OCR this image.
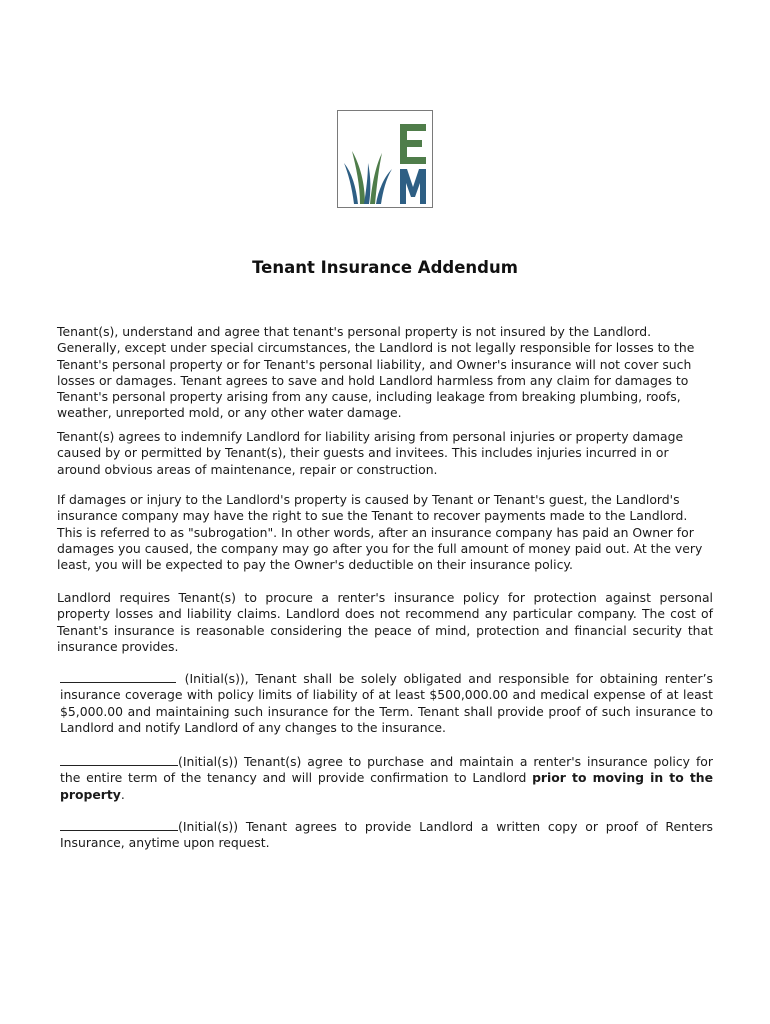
Tenant Insurance Addendum

Tenant(s), understand and agree that tenant's personal property is not insured by the Landlord. Generally, except under special circumstances, the Landlord is not legally responsible for losses to the Tenant's personal property or for Tenant's personal liability, and Owner's insurance will not cover such losses or damages. Tenant agrees to save and hold Landlord harmless from any claim for damages to Tenant's personal property arising from any cause, including leakage from breaking plumbing, roofs, weather, unreported mold, or any other water damage.

Tenant(s) agrees to indemnify Landlord for liability arising from personal injuries or property damage caused by or permitted by Tenant(s), their guests and invitees. This includes injuries incurred in or around obvious areas of maintenance, repair or construction.

If damages or injury to the Landlord's property is caused by Tenant or Tenant's guest, the Landlord's insurance company may have the right to sue the Tenant to recover payments made to the Landlord. This is referred to as "subrogation". In other words, after an insurance company has paid an Owner for damages you caused, the company may go after you for the full amount of money paid out. At the very least, you will be expected to pay the Owner's deductible on their insurance policy.

Landlord requires Tenant(s) to procure a renter's insurance policy for protection against personal property losses and liability claims. Landlord does not recommend any particular company. The cost of Tenant's insurance is reasonable considering the peace of mind, protection and financial security that insurance provides.

(Initial(s)), Tenant shall be solely obligated and responsible for obtaining renter’s insurance coverage with policy limits of liability of at least $500,000.00 and medical expense of at least $5,000.00 and maintaining such insurance for the Term. Tenant shall provide proof of such insurance to Landlord and notify Landlord of any changes to the insurance.

(Initial(s)) Tenant(s) agree to purchase and maintain a renter's insurance policy for the entire term of the tenancy and will provide confirmation to Landlord prior to moving in to the property.

(Initial(s)) Tenant agrees to provide Landlord a written copy or proof of Renters Insurance, anytime upon request.
